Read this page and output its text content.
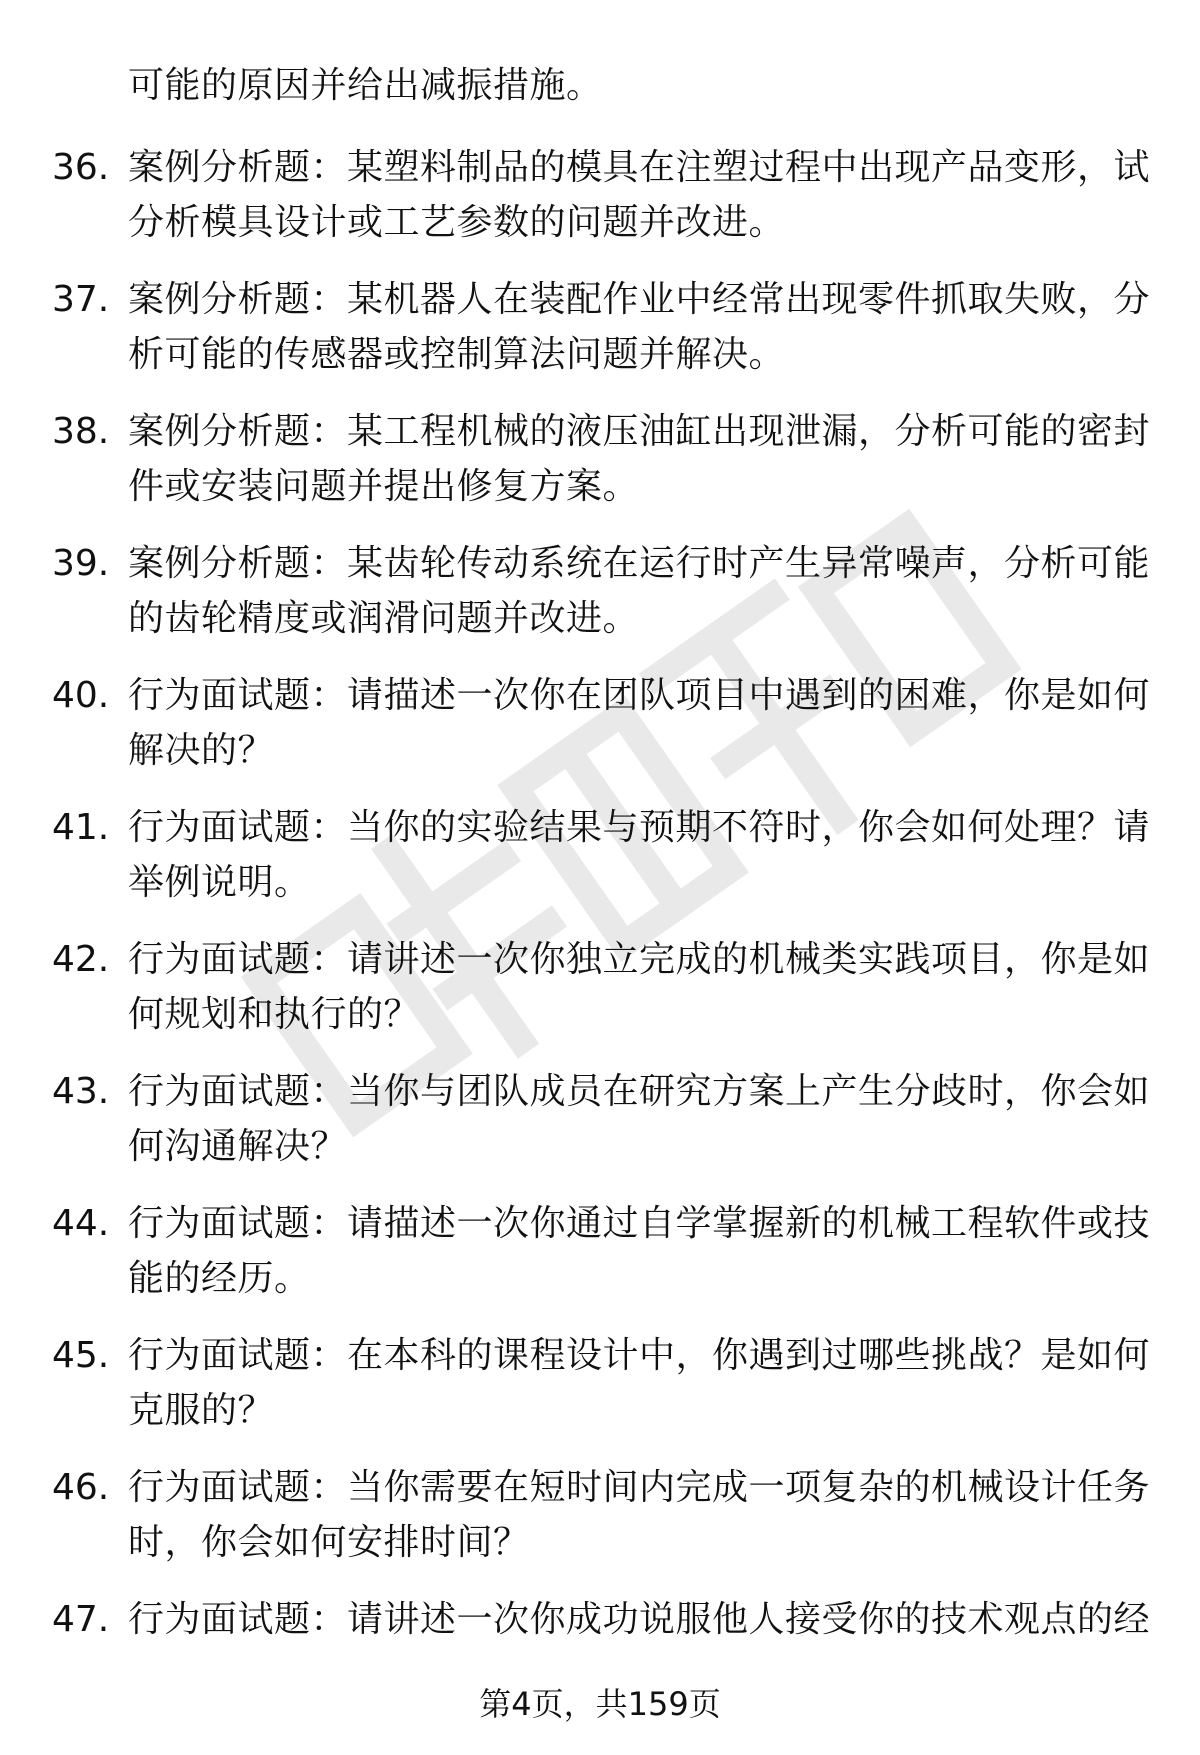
可能的原因并给出减振措施。
36. 案例分析题：某塑料制品的模具在注塑过程中出现产品变形，试
分析模具设计或工艺参数的问题并改进。
37. 案例分析题：某机器人在装配作业中经常出现零件抓取失败，分
析可能的传感器或控制算法问题并解决。
38. 案例分析题：某工程机械的液压油缸出现泄漏，分析可能的密封
件或安装问题并提出修复方案。
39. 案例分析题：某齿轮传动系统在运行时产生异常噪声，分析可能
的齿轮精度或润滑问题并改进。
40. 行为面试题：请描述一次你在团队项目中遇到的困难，你是如何
解决的？
41. 行为面试题：当你的实验结果与预期不符时，你会如何处理？请
举例说明。
42. 行为面试题：请讲述一次你独立完成的机械类实践项目，你是如
何规划和执行的？
43. 行为面试题：当你与团队成员在研究方案上产生分歧时，你会如
何沟通解决？
44. 行为面试题：请描述一次你通过自学掌握新的机械工程软件或技
能的经历。
45. 行为面试题：在本科的课程设计中，你遇到过哪些挑战？是如何
克服的？
46. 行为面试题：当你需要在短时间内完成一项复杂的机械设计任务
时，你会如何安排时间？
47. 行为面试题：请讲述一次你成功说服他人接受你的技术观点的经
第4页，共159页
